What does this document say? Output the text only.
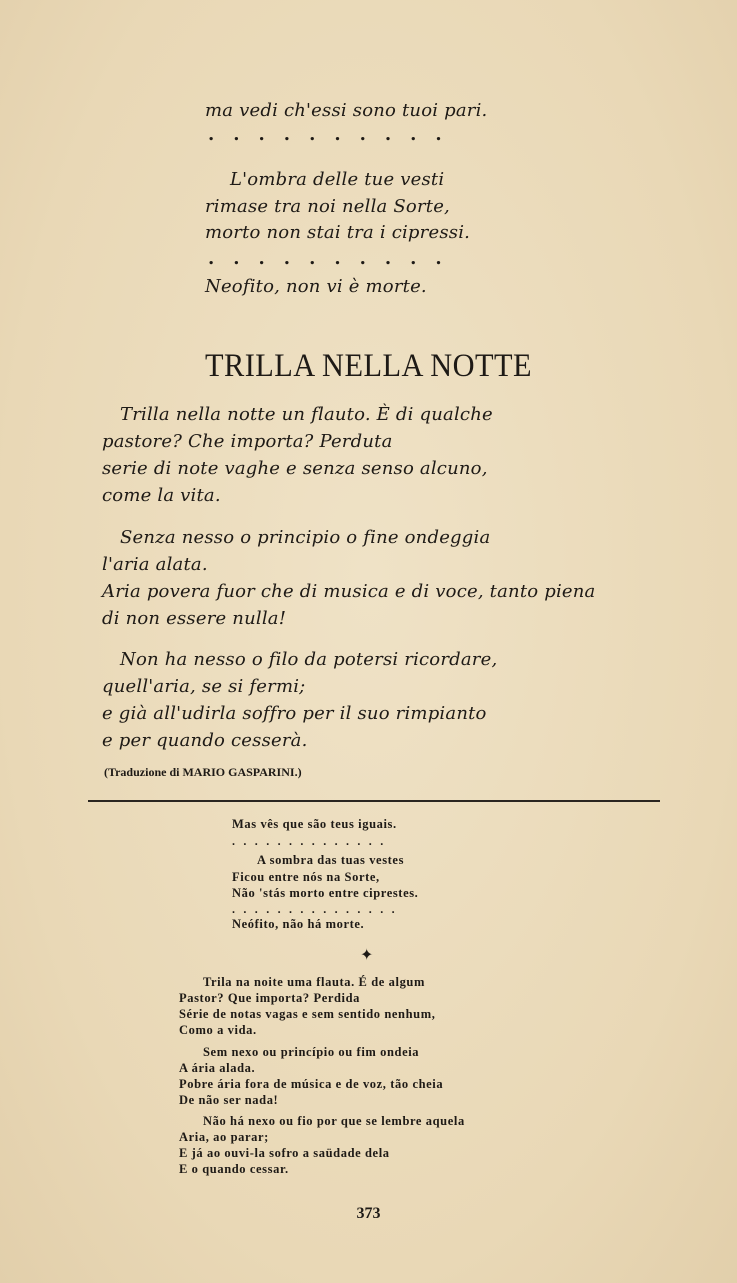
ma vedi ch'essi sono tuoi pari.
..........
L'ombra delle tue vesti
rimase tra noi nella Sorte,
morto non stai tra i cipressi.
..........
Neofito, non vi è morte.
TRILLA NELLA NOTTE
Trilla nella notte un flauto. È di qualche
pastore? Che importa? Perduta
serie di note vaghe e senza senso alcuno,
come la vita.
Senza nesso o principio o fine ondeggia
l'aria alata.
Aria povera fuor che di musica e di voce, tanto piena
di non essere nulla!
Non ha nesso o filo da potersi ricordare,
quell'aria, se si fermi;
e già all'udirla soffro per il suo rimpianto
e per quando cesserà.
(Traduzione di MARIO GASPARINI.)
Mas vês que são teus iguais.
..............
A sombra das tuas vestes
Ficou entre nós na Sorte,
Não 'stás morto entre ciprestes.
...............
Neófito, não há morte.
✦
Trila na noite uma flauta. É de algum
Pastor? Que importa? Perdida
Série de notas vagas e sem sentido nenhum,
Como a vida.
Sem nexo ou princípio ou fim ondeia
A ária alada.
Pobre ária fora de música e de voz, tão cheia
De não ser nada!
Não há nexo ou fio por que se lembre aquela
Aria, ao parar;
E já ao ouvi-la sofro a saüdade dela
E o quando cessar.
373
